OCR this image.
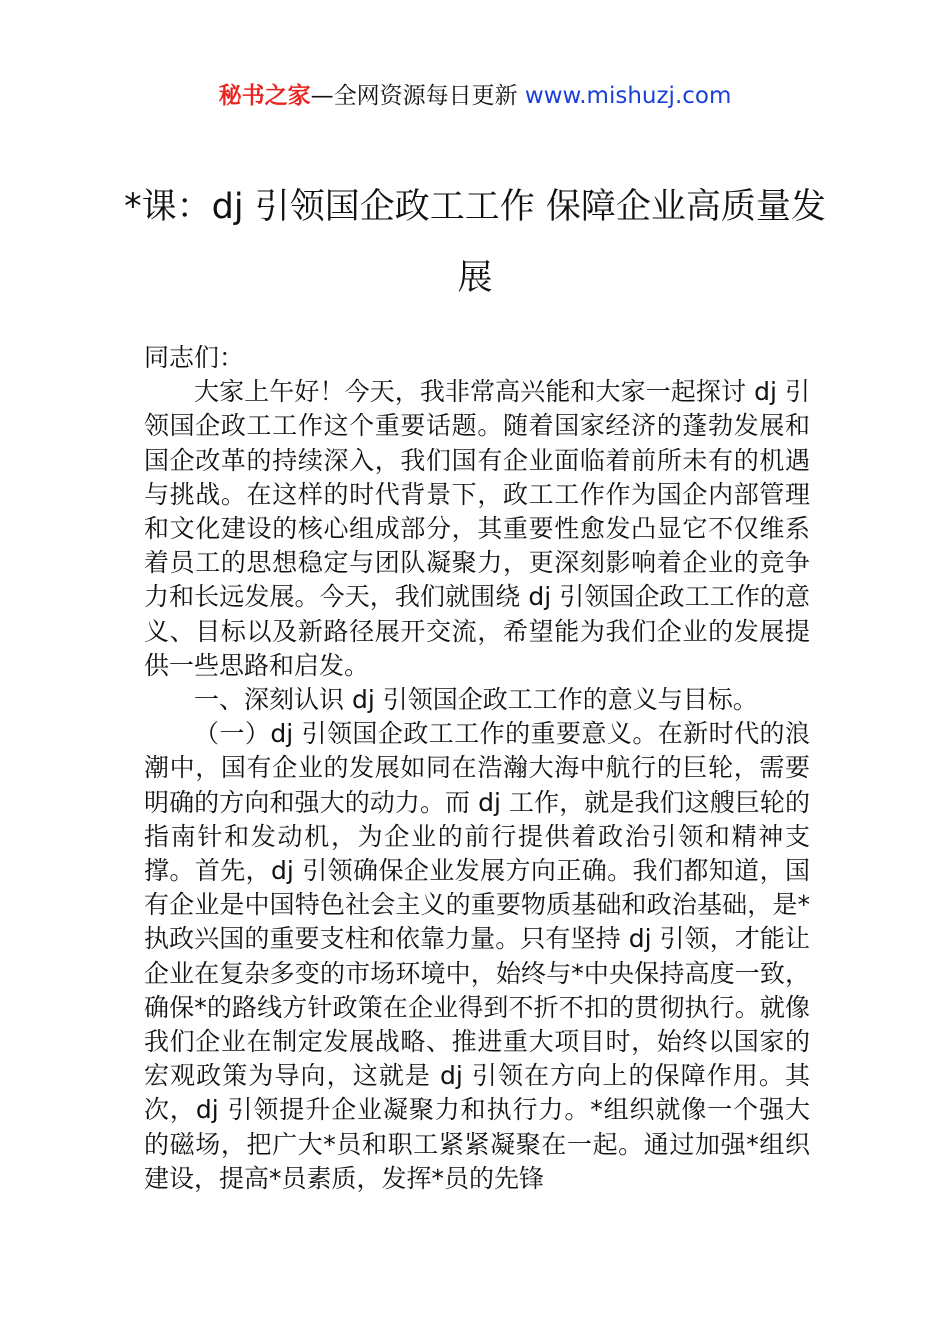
秘书之家—全网资源每日更新 www.mishuzj.com
*课：dj 引领国企政工工作 保障企业高质量发展

同志们：

大家上午好！今天，我非常高兴能和大家一起探讨 dj 引领国企政工工作这个重要话题。随着国家经济的蓬勃发展和国企改革的持续深入，我们国有企业面临着前所未有的机遇与挑战。在这样的时代背景下，政工工作作为国企内部管理和文化建设的核心组成部分，其重要性愈发凸显它不仅维系着员工的思想稳定与团队凝聚力，更深刻影响着企业的竞争力和长远发展。今天，我们就围绕 dj 引领国企政工工作的意义、目标以及新路径展开交流，希望能为我们企业的发展提供一些思路和启发。

一、深刻认识 dj 引领国企政工工作的意义与目标。

（一）dj 引领国企政工工作的重要意义。在新时代的浪潮中，国有企业的发展如同在浩瀚大海中航行的巨轮，需要明确的方向和强大的动力。而 dj 工作，就是我们这艘巨轮的指南针和发动机，为企业的前行提供着政治引领和精神支撑。首先，dj 引领确保企业发展方向正确。我们都知道，国有企业是中国特色社会主义的重要物质基础和政治基础，是*执政兴国的重要支柱和依靠力量。只有坚持 dj 引领，才能让企业在复杂多变的市场环境中，始终与*中央保持高度一致，确保*的路线方针政策在企业得到不折不扣的贯彻执行。就像我们企业在制定发展战略、推进重大项目时，始终以国家的宏观政策为导向，这就是 dj 引领在方向上的保障作用。其次，dj 引领提升企业凝聚力和执行力。*组织就像一个强大的磁场，把广大*员和职工紧紧凝聚在一起。通过加强*组织建设，提高*员素质，发挥*员的先锋
